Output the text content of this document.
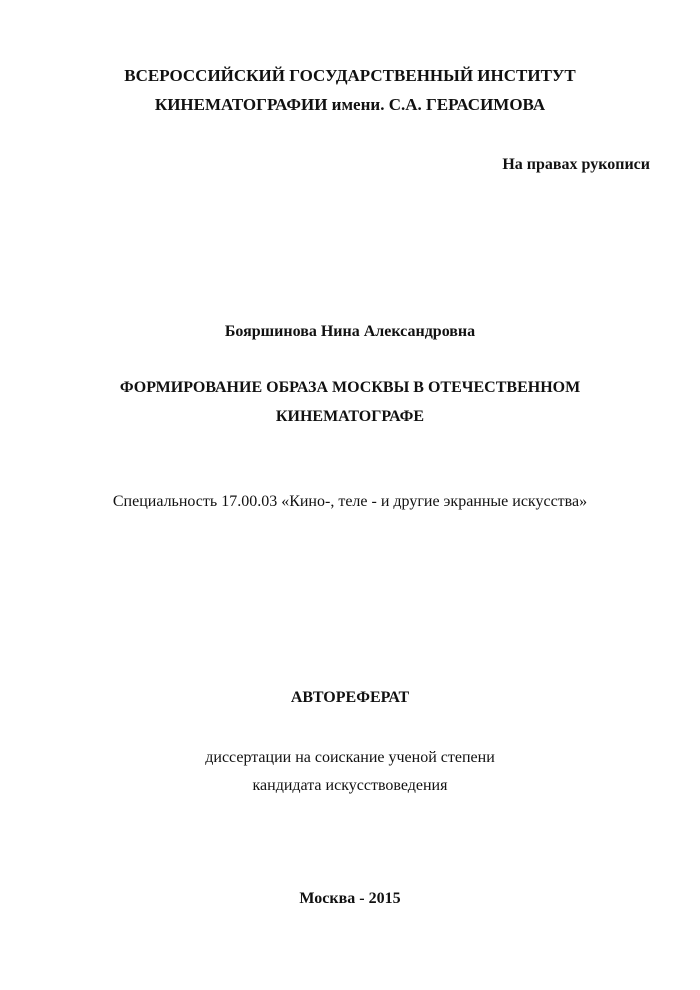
ВСЕРОССИЙСКИЙ ГОСУДАРСТВЕННЫЙ ИНСТИТУТ

КИНЕМАТОГРАФИИ имени. С.А. ГЕРАСИМОВА

На правах рукописи

Бояршинова Нина Александровна

ФОРМИРОВАНИЕ ОБРАЗА МОСКВЫ В ОТЕЧЕСТВЕННОМ

КИНЕМАТОГРАФЕ

Специальность 17.00.03 «Кино-, теле - и другие экранные искусства»

АВТОРЕФЕРАТ

диссертации на соискание ученой степени

кандидата искусствоведения

Москва - 2015
